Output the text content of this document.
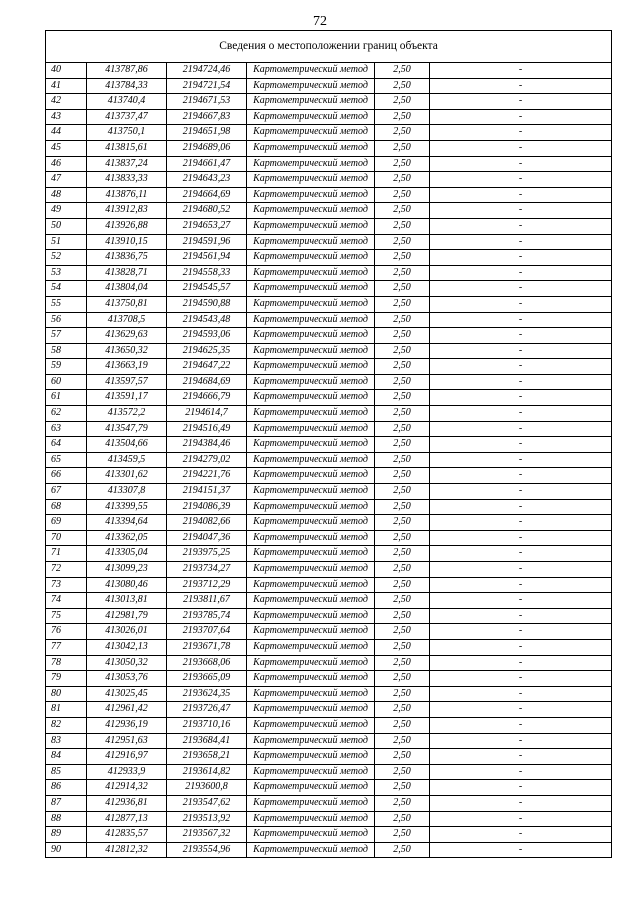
72
Сведения о местоположении границ объекта					
40	413787,86	2194724,46	Картометрический метод	2,50	-
41	413784,33	2194721,54	Картометрический метод	2,50	-
42	413740,4	2194671,53	Картометрический метод	2,50	-
43	413737,47	2194667,83	Картометрический метод	2,50	-
44	413750,1	2194651,98	Картометрический метод	2,50	-
45	413815,61	2194689,06	Картометрический метод	2,50	-
46	413837,24	2194661,47	Картометрический метод	2,50	-
47	413833,33	2194643,23	Картометрический метод	2,50	-
48	413876,11	2194664,69	Картометрический метод	2,50	-
49	413912,83	2194680,52	Картометрический метод	2,50	-
50	413926,88	2194653,27	Картометрический метод	2,50	-
51	413910,15	2194591,96	Картометрический метод	2,50	-
52	413836,75	2194561,94	Картометрический метод	2,50	-
53	413828,71	2194558,33	Картометрический метод	2,50	-
54	413804,04	2194545,57	Картометрический метод	2,50	-
55	413750,81	2194590,88	Картометрический метод	2,50	-
56	413708,5	2194543,48	Картометрический метод	2,50	-
57	413629,63	2194593,06	Картометрический метод	2,50	-
58	413650,32	2194625,35	Картометрический метод	2,50	-
59	413663,19	2194647,22	Картометрический метод	2,50	-
60	413597,57	2194684,69	Картометрический метод	2,50	-
61	413591,17	2194666,79	Картометрический метод	2,50	-
62	413572,2	2194614,7	Картометрический метод	2,50	-
63	413547,79	2194516,49	Картометрический метод	2,50	-
64	413504,66	2194384,46	Картометрический метод	2,50	-
65	413459,5	2194279,02	Картометрический метод	2,50	-
66	413301,62	2194221,76	Картометрический метод	2,50	-
67	413307,8	2194151,37	Картометрический метод	2,50	-
68	413399,55	2194086,39	Картометрический метод	2,50	-
69	413394,64	2194082,66	Картометрический метод	2,50	-
70	413362,05	2194047,36	Картометрический метод	2,50	-
71	413305,04	2193975,25	Картометрический метод	2,50	-
72	413099,23	2193734,27	Картометрический метод	2,50	-
73	413080,46	2193712,29	Картометрический метод	2,50	-
74	413013,81	2193811,67	Картометрический метод	2,50	-
75	412981,79	2193785,74	Картометрический метод	2,50	-
76	413026,01	2193707,64	Картометрический метод	2,50	-
77	413042,13	2193671,78	Картометрический метод	2,50	-
78	413050,32	2193668,06	Картометрический метод	2,50	-
79	413053,76	2193665,09	Картометрический метод	2,50	-
80	413025,45	2193624,35	Картометрический метод	2,50	-
81	412961,42	2193726,47	Картометрический метод	2,50	-
82	412936,19	2193710,16	Картометрический метод	2,50	-
83	412951,63	2193684,41	Картометрический метод	2,50	-
84	412916,97	2193658,21	Картометрический метод	2,50	-
85	412933,9	2193614,82	Картометрический метод	2,50	-
86	412914,32	2193600,8	Картометрический метод	2,50	-
87	412936,81	2193547,62	Картометрический метод	2,50	-
88	412877,13	2193513,92	Картометрический метод	2,50	-
89	412835,57	2193567,32	Картометрический метод	2,50	-
90	412812,32	2193554,96	Картометрический метод	2,50	-
